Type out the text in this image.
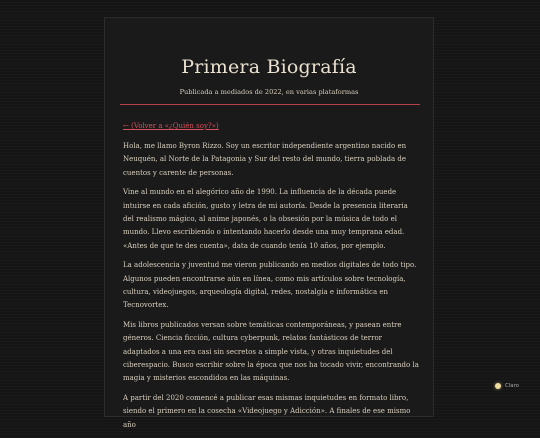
Primera Biografía
Publicada a mediados de 2022, en varias plataformas
← (Volver a «¿Quién soy?»)

Hola, me llamo Byron Rizzo. Soy un escritor independiente argentino nacido en Neuquén, al Norte de la Patagonia y Sur del resto del mundo, tierra poblada de cuentos y carente de personas.

Vine al mundo en el alegórico año de 1990. La influencia de la década puede intuirse en cada afición, gusto y letra de mi autoría. Desde la presencia literaria del realismo mágico, al anime japonés, o la obsesión por la música de todo el mundo. Llevo escribiendo o intentando hacerlo desde una muy temprana edad. «Antes de que te des cuenta», data de cuando tenía 10 años, por ejemplo.

La adolescencia y juventud me vieron publicando en medios digitales de todo tipo. Algunos pueden encontrarse aún en línea, como mis artículos sobre tecnología, cultura, videojuegos, arqueología digital, redes, nostalgia e informática en Tecnovortex.

Mis libros publicados versan sobre temáticas contemporáneas, y pasean entre géneros. Ciencia ficción, cultura cyberpunk, relatos fantásticos de terror adaptados a una era casi sin secretos a simple vista, y otras inquietudes del ciberespacio. Busco escribir sobre la época que nos ha tocado vivir, encontrando la magia y misterios escondidos en las máquinas.

A partir del 2020 comencé a publicar esas mismas inquietudes en formato libro, siendo el primero en la cosecha «Videojuego y Adicción». A finales de ese mismo año

Claro
